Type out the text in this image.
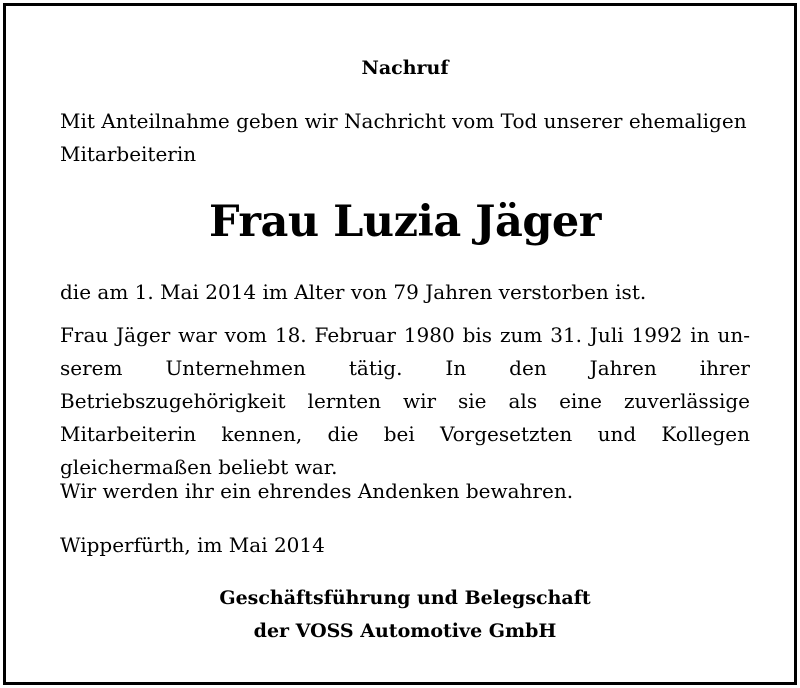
Nachruf
Mit Anteilnahme geben wir Nachricht vom Tod unserer ehemaligen Mitarbeiterin
Frau Luzia Jäger
die am 1. Mai 2014 im Alter von 79 Jahren verstorben ist.
Frau Jäger war vom 18. Februar 1980 bis zum 31. Juli 1992 in unserem Unternehmen tätig. In den Jahren ihrer Betriebszugehörigkeit lernten wir sie als eine zuverlässige Mitarbeiterin kennen, die bei Vorgesetzten und Kollegen gleichermaßen beliebt war.
Wir werden ihr ein ehrendes Andenken bewahren.
Wipperfürth, im Mai 2014
Geschäftsführung und Belegschaft
der VOSS Automotive GmbH
